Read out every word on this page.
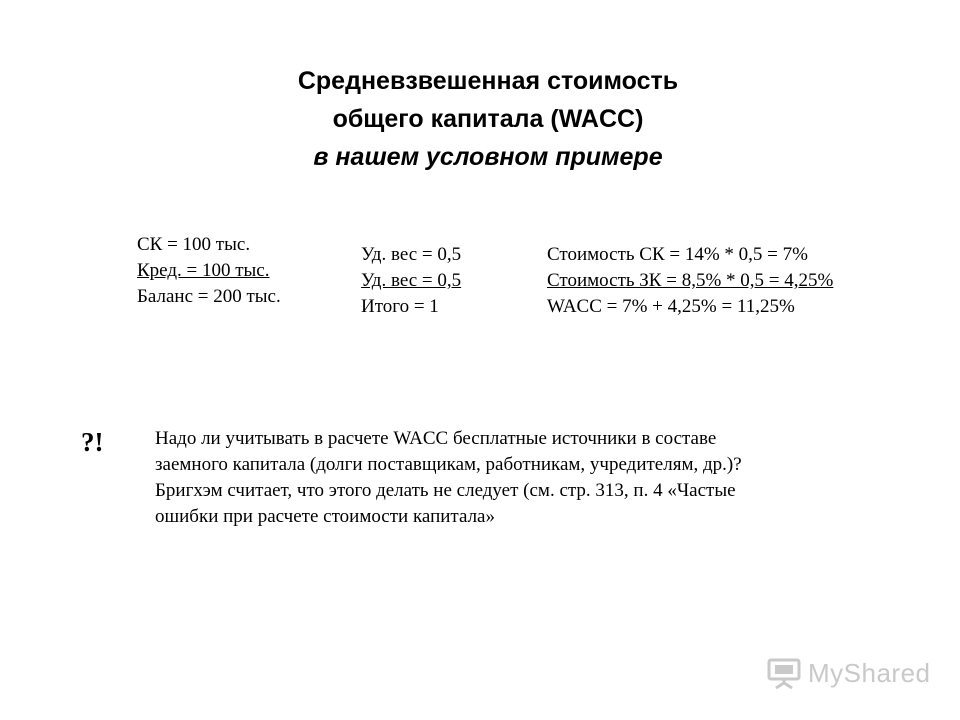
Средневзвешенная стоимость
общего капитала (WACC)
в нашем условном примере
СК = 100 тыс.
Кред. = 100 тыс.
Баланс = 200 тыс.
Уд. вес = 0,5
Уд. вес = 0,5
Итого = 1
Стоимость СК = 14% * 0,5 = 7%
Стоимость ЗК = 8,5% * 0,5 = 4,25%
WACC = 7% + 4,25% = 11,25%
?!	Надо ли учитывать в расчете WACC бесплатные источники в составе
заемного капитала (долги поставщикам, работникам, учредителям, др.)?
Бригхэм считает, что этого делать не следует (см. стр. 313, п. 4 «Частые
ошибки при расчете стоимости капитала»
MyShared
